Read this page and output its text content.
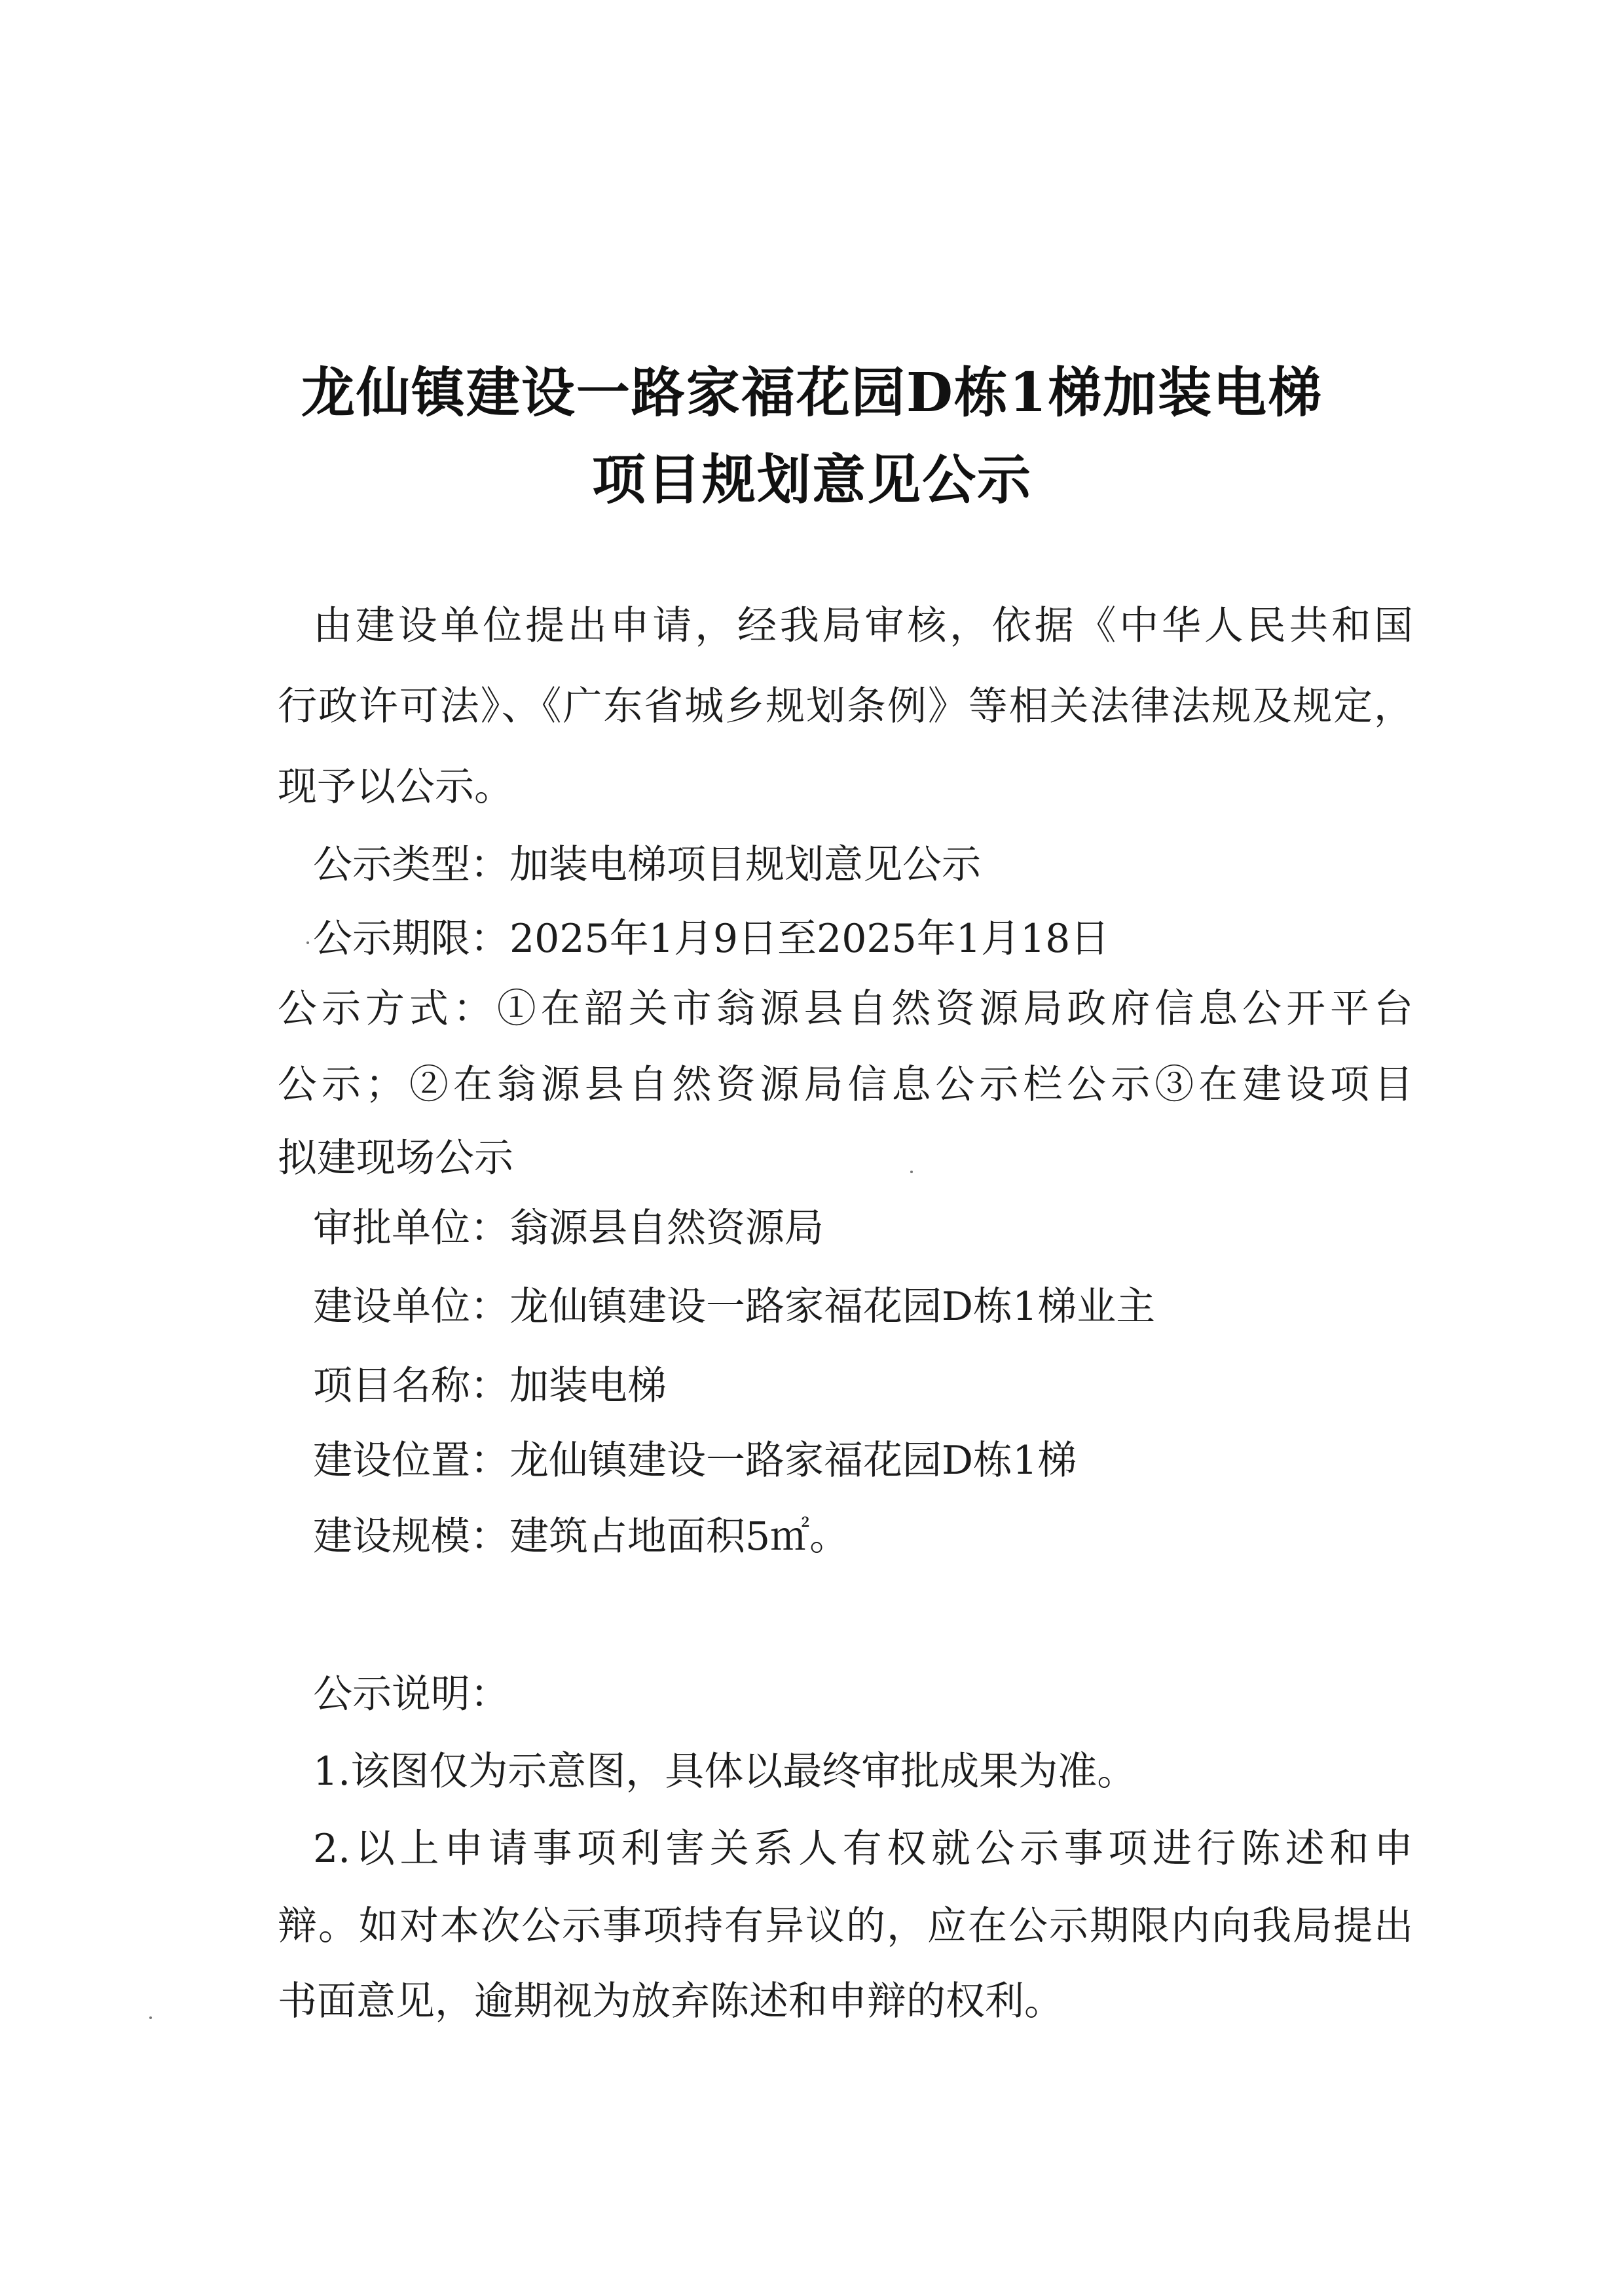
龙仙镇建设一路家福花园D栋1梯加装电梯
项目规划意见公示
由建设单位提出申请，经我局审核，依据《中华人民共和国
行政许可法》、《广东省城乡规划条例》等相关法律法规及规定，
现予以公示。
公示类型：加装电梯项目规划意见公示
公示期限：2025年1月9日至2025年1月18日
公示方式：①在韶关市翁源县自然资源局政府信息公开平台
公示；②在翁源县自然资源局信息公示栏公示③在建设项目
拟建现场公示
审批单位：翁源县自然资源局
建设单位：龙仙镇建设一路家福花园D栋1梯业主
项目名称：加装电梯
建设位置：龙仙镇建设一路家福花园D栋1梯
建设规模：建筑占地面积5㎡。
公示说明：
1.该图仅为示意图，具体以最终审批成果为准。
2.以上申请事项利害关系人有权就公示事项进行陈述和申
辩。如对本次公示事项持有异议的，应在公示期限内向我局提出
书面意见，逾期视为放弃陈述和申辩的权利。
